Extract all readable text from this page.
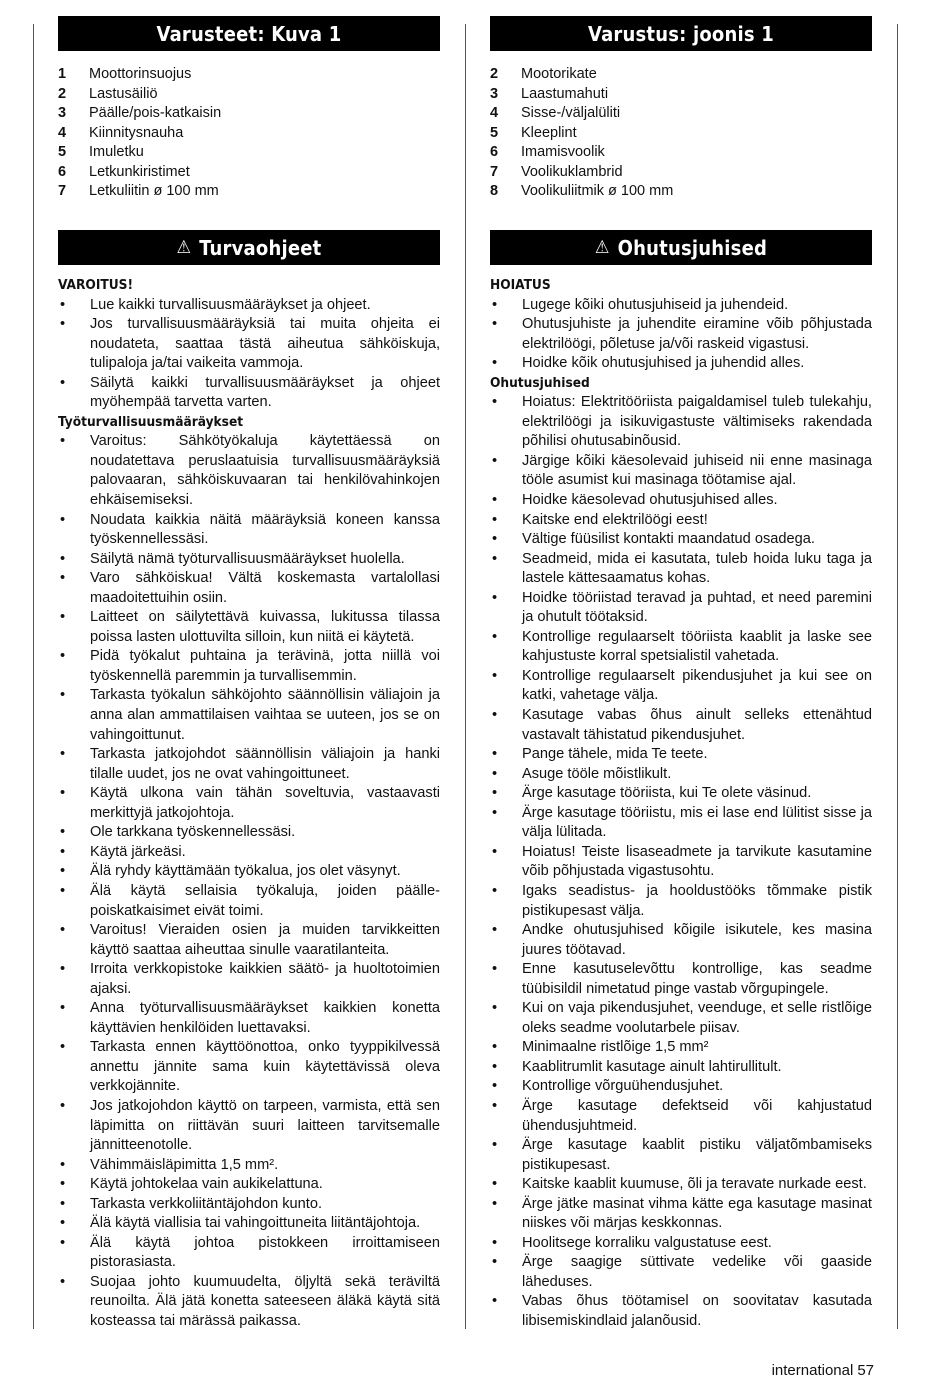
Varusteet: Kuva 1
1	Moottorinsuojus
2	Lastusäiliö
3	Päälle/pois-katkaisin
4	Kiinnitysnauha
5	Imuletku
6	Letkunkiristimet
7	Letkuliitin ø 100 mm
⚠ Turvaohjeet
VAROITUS!
•	Lue kaikki turvallisuusmääräykset ja ohjeet.
•	Jos turvallisuusmääräyksiä tai muita ohjeita ei noudateta, saattaa tästä aiheutua sähköiskuja, tulipaloja ja/tai vaikeita vammoja.
•	Säilytä kaikki turvallisuusmääräykset ja ohjeet myöhempää tarvetta varten.
Työturvallisuusmääräykset
•	Varoitus: Sähkötyökaluja käytettäessä on noudatettava peruslaatuisia turvallisuusmääräyksiä palovaaran, sähköiskuvaaran tai henkilövahinkojen ehkäisemiseksi.
•	Noudata kaikkia näitä määräyksiä koneen kanssa työskennellessäsi.
•	Säilytä nämä työturvallisuusmääräykset huolella.
•	Varo sähköiskua! Vältä koskemasta vartalollasi maadoitettuihin osiin.
•	Laitteet on säilytettävä kuivassa, lukitussa tilassa poissa lasten ulottuvilta silloin, kun niitä ei käytetä.
•	Pidä työkalut puhtaina ja terävinä, jotta niillä voi työskennellä paremmin ja turvallisemmin.
•	Tarkasta työkalun sähköjohto säännöllisin väliajoin ja anna alan ammattilaisen vaihtaa se uuteen, jos se on vahingoittunut.
•	Tarkasta jatkojohdot säännöllisin väliajoin ja hanki tilalle uudet, jos ne ovat vahingoittuneet.
•	Käytä ulkona vain tähän soveltuvia, vastaavasti merkittyjä jatkojohtoja.
•	Ole tarkkana työskennellessäsi.
•	Käytä järkeäsi.
•	Älä ryhdy käyttämään työkalua, jos olet väsynyt.
•	Älä käytä sellaisia työkaluja, joiden päälle-poiskatkaisimet eivät toimi.
•	Varoitus! Vieraiden osien ja muiden tarvikkeitten käyttö saattaa aiheuttaa sinulle vaaratilanteita.
•	Irroita verkkopistoke kaikkien säätö- ja huoltotoimien ajaksi.
•	Anna työturvallisuusmääräykset kaikkien konetta käyttävien henkilöiden luettavaksi.
•	Tarkasta ennen käyttöönottoa, onko tyyppikilvessä annettu jännite sama kuin käytettävissä oleva verkkojännite.
•	Jos jatkojohdon käyttö on tarpeen, varmista, että sen läpimitta on riittävän suuri laitteen tarvitsemalle jännitteenotolle.
•	Vähimmäisläpimitta 1,5 mm².
•	Käytä johtokelaa vain aukikelattuna.
•	Tarkasta verkkoliitäntäjohdon kunto.
•	Älä käytä viallisia tai vahingoittuneita liitäntäjohtoja.
•	Älä käytä johtoa pistokkeen irroittamiseen pistorasiasta.
•	Suojaa johto kuumuudelta, öljyltä sekä teräviltä reunoilta. Älä jätä konetta sateeseen äläkä käytä sitä kosteassa tai märässä paikassa.
Varustus: joonis 1
2	Mootorikate
3	Laastumahuti
4	Sisse-/väljalüliti
5	Kleeplint
6	Imamisvoolik
7	Voolikuklambrid
8	Voolikuliitmik ø 100 mm
⚠ Ohutusjuhised
HOIATUS
•	Lugege kõiki ohutusjuhiseid ja juhendeid.
•	Ohutusjuhiste ja juhendite eiramine võib põhjustada elektrilöögi, põletuse ja/või raskeid vigastusi.
•	Hoidke kõik ohutusjuhised ja juhendid alles.
Ohutusjuhised
•	Hoiatus: Elektritööriista paigaldamisel tuleb tulekahju, elektrilöögi ja isikuvigastuste vältimiseks rakendada põhilisi ohutusabinõusid.
•	Järgige kõiki käesolevaid juhiseid nii enne masinaga tööle asumist kui masinaga töötamise ajal.
•	Hoidke käesolevad ohutusjuhised alles.
•	Kaitske end elektrilöögi eest!
•	Vältige füüsilist kontakti maandatud osadega.
•	Seadmeid, mida ei kasutata, tuleb hoida luku taga ja lastele kättesaamatus kohas.
•	Hoidke tööriistad teravad ja puhtad, et need paremini ja ohutult töötaksid.
•	Kontrollige regulaarselt tööriista kaablit ja laske see kahjustuste korral spetsialistil vahetada.
•	Kontrollige regulaarselt pikendusjuhet ja kui see on katki, vahetage välja.
•	Kasutage vabas õhus ainult selleks ettenähtud vastavalt tähistatud pikendusjuhet.
•	Pange tähele, mida Te teete.
•	Asuge tööle mõistlikult.
•	Ärge kasutage tööriista, kui Te olete väsinud.
•	Ärge kasutage tööriistu, mis ei lase end lülitist sisse ja välja lülitada.
•	Hoiatus! Teiste lisaseadmete ja tarvikute kasutamine võib põhjustada vigastusohtu.
•	Igaks seadistus- ja hooldustööks tõmmake pistik pistikupesast välja.
•	Andke ohutusjuhised kõigile isikutele, kes masina juures töötavad.
•	Enne kasutuselevõttu kontrollige, kas seadme tüübisildil nimetatud pinge vastab võrgupingele.
•	Kui on vaja pikendusjuhet, veenduge, et selle ristlõige oleks seadme voolutarbele piisav.
•	Minimaalne ristlõige 1,5 mm²
•	Kaablitrumlit kasutage ainult lahtirullitult.
•	Kontrollige võrguühendusjuhet.
•	Ärge kasutage defektseid või kahjustatud ühendusjuhtmeid.
•	Ärge kasutage kaablit pistiku väljatõmbamiseks pistikupesast.
•	Kaitske kaablit kuumuse, õli ja teravate nurkade eest.
•	Ärge jätke masinat vihma kätte ega kasutage masinat niiskes või märjas keskkonnas.
•	Hoolitsege korraliku valgustatuse eest.
•	Ärge saagige süttivate vedelike või gaaside läheduses.
•	Vabas õhus töötamisel on soovitatav kasutada libisemiskindlaid jalanõusid.
international 57
